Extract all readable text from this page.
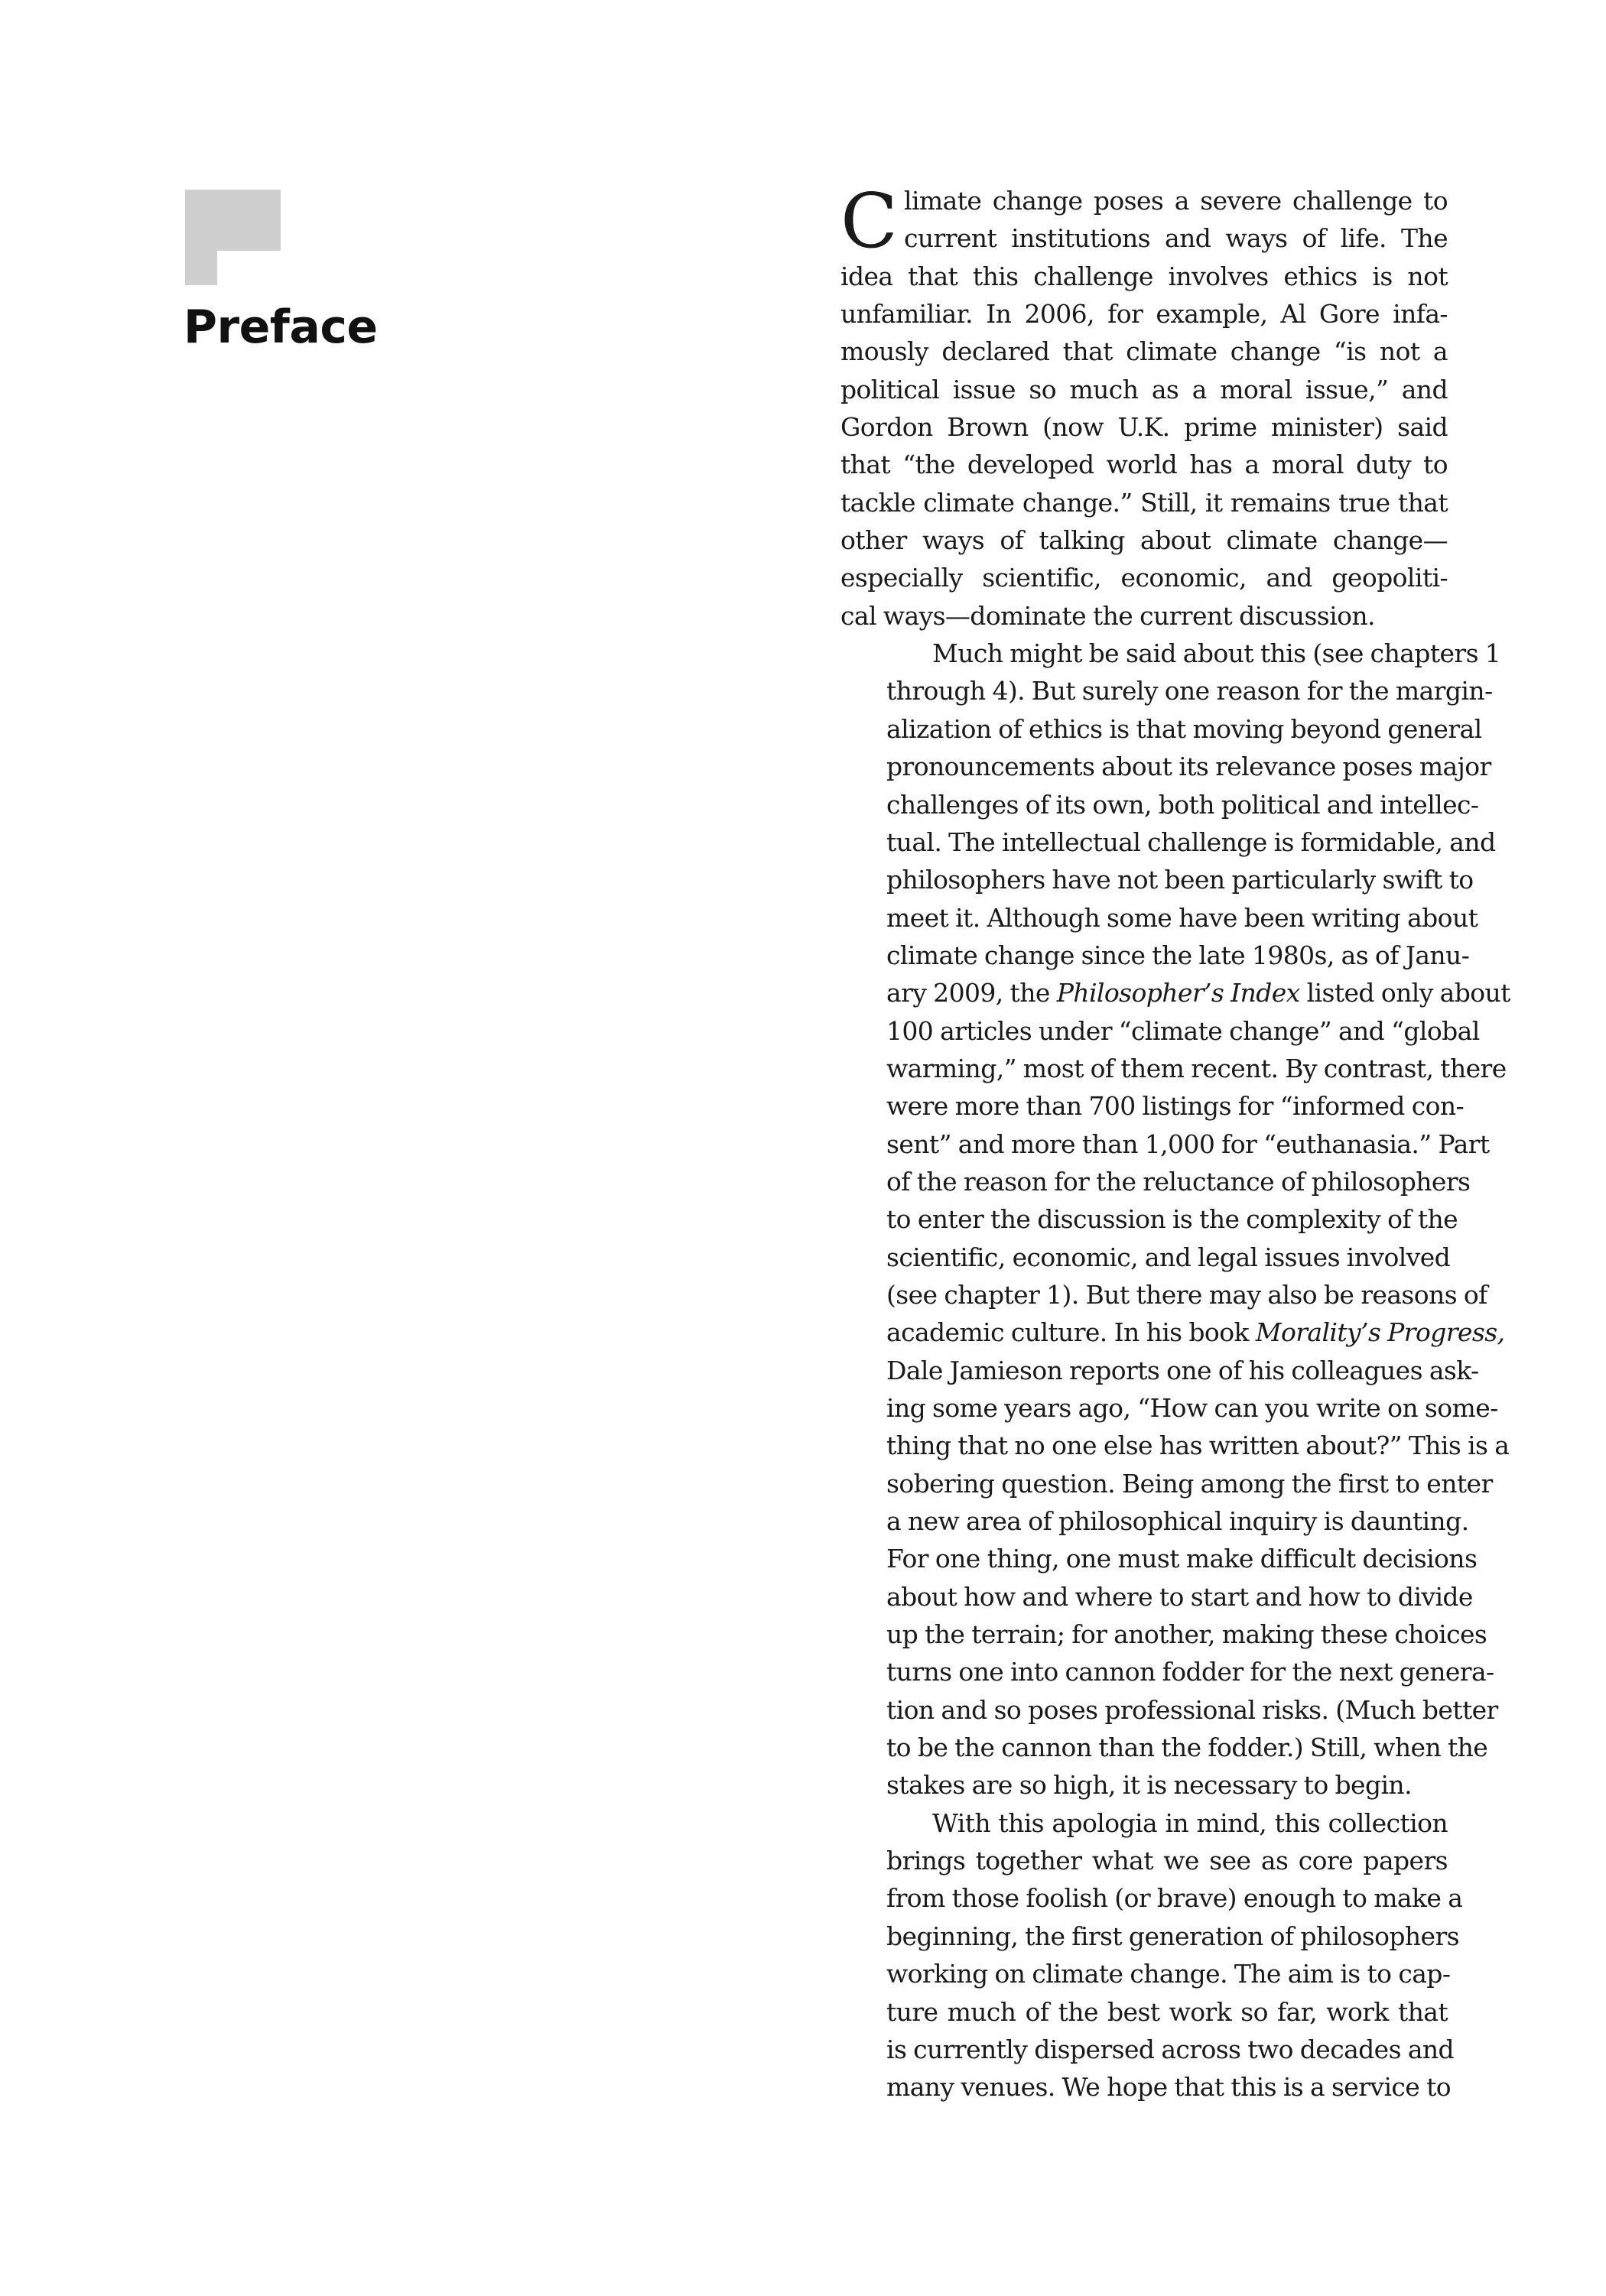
Preface
C limate change poses a severe challenge to
current institutions and ways of life. The
idea that this challenge involves ethics is not
unfamiliar. In 2006, for example, Al Gore infa-
mously declared that climate change “is not a
political issue so much as a moral issue,” and
Gordon Brown (now U.K. prime minister) said
that “the developed world has a moral duty to
tackle climate change.” Still, it remains true that
other ways of talking about climate change—
especially scientific, economic, and geopoliti-
cal ways—dominate the current discussion.
Much might be said about this (see chapters 1
through 4). But surely one reason for the margin-
alization of ethics is that moving beyond general
pronouncements about its relevance poses major
challenges of its own, both political and intellec-
tual. The intellectual challenge is formidable, and
philosophers have not been particularly swift to
meet it. Although some have been writing about
climate change since the late 1980s, as of Janu-
ary 2009, the Philosopher’s Index listed only about
100 articles under “climate change” and “global
warming,” most of them recent. By contrast, there
were more than 700 listings for “informed con-
sent” and more than 1,000 for “euthanasia.” Part
of the reason for the reluctance of philosophers
to enter the discussion is the complexity of the
scientific, economic, and legal issues involved
(see chapter 1). But there may also be reasons of
academic culture. In his book Morality’s Progress,
Dale Jamieson reports one of his colleagues ask-
ing some years ago, “How can you write on some-
thing that no one else has written about?” This is a
sobering question. Being among the first to enter
a new area of philosophical inquiry is daunting.
For one thing, one must make difficult decisions
about how and where to start and how to divide
up the terrain; for another, making these choices
turns one into cannon fodder for the next genera-
tion and so poses professional risks. (Much better
to be the cannon than the fodder.) Still, when the
stakes are so high, it is necessary to begin.
With this apologia in mind, this collection
brings together what we see as core papers
from those foolish (or brave) enough to make a
beginning, the first generation of philosophers
working on climate change. The aim is to cap-
ture much of the best work so far, work that
is currently dispersed across two decades and
many venues. We hope that this is a service to
